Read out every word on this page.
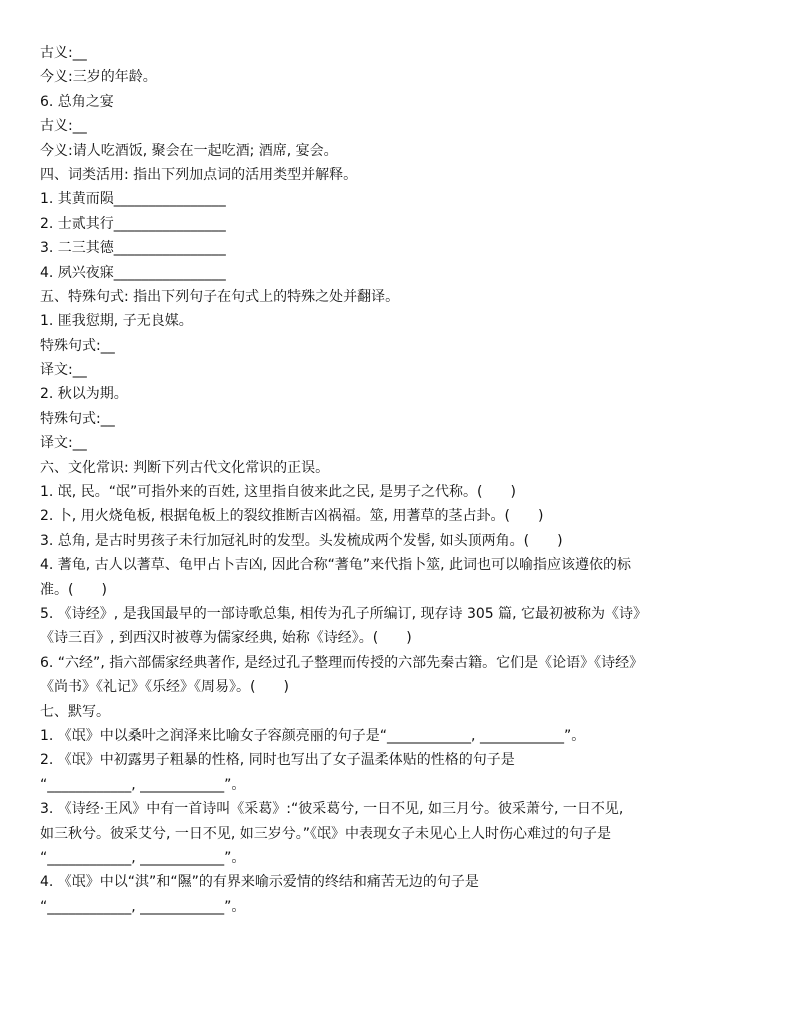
古义:__
今义:三岁的年龄。
6. 总角之宴
古义:__
今义:请人吃酒饭, 聚会在一起吃酒; 酒席, 宴会。
四、词类活用: 指出下列加点词的活用类型并解释。
1. 其黄而陨________________
2. 士贰其行________________
3. 二三其德________________
4. 夙兴夜寐________________
五、特殊句式: 指出下列句子在句式上的特殊之处并翻译。
1. 匪我愆期, 子无良媒。
特殊句式:__
译文:__
2. 秋以为期。
特殊句式:__
译文:__
六、文化常识: 判断下列古代文化常识的正误。
1. 氓, 民。“氓”可指外来的百姓, 这里指自彼来此之民, 是男子之代称。(　　)
2. 卜, 用火烧龟板, 根据龟板上的裂纹推断吉凶祸福。筮, 用蓍草的茎占卦。(　　)
3. 总角, 是古时男孩子未行加冠礼时的发型。头发梳成两个发髻, 如头顶两角。(　　)
4. 蓍龟, 古人以蓍草、龟甲占卜吉凶, 因此合称“蓍龟”来代指卜筮, 此词也可以喻指应该遵依的标
准。(　　)
5. 《诗经》, 是我国最早的一部诗歌总集, 相传为孔子所编订, 现存诗 305 篇, 它最初被称为《诗》
《诗三百》, 到西汉时被尊为儒家经典, 始称《诗经》。(　　)
6. “六经”, 指六部儒家经典著作, 是经过孔子整理而传授的六部先秦古籍。它们是《论语》《诗经》
《尚书》《礼记》《乐经》《周易》。(　　)
七、默写。
1. 《氓》中以桑叶之润泽来比喻女子容颜亮丽的句子是“____________, ____________”。
2. 《氓》中初露男子粗暴的性格, 同时也写出了女子温柔体贴的性格的句子是
“____________, ____________”。
3. 《诗经·王风》中有一首诗叫《采葛》:“彼采葛兮, 一日不见, 如三月兮。彼采萧兮, 一日不见,
如三秋兮。彼采艾兮, 一日不见, 如三岁兮。”《氓》中表现女子未见心上人时伤心难过的句子是
“____________, ____________”。
4. 《氓》中以“淇”和“隰”的有界来喻示爱情的终结和痛苦无边的句子是
“____________, ____________”。
